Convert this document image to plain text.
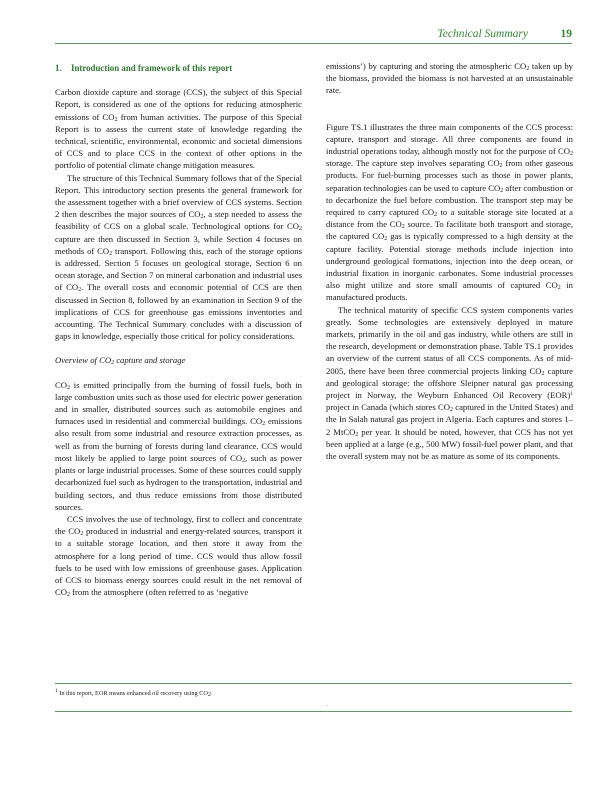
Technical Summary	19

1. Introduction and framework of this report

Carbon dioxide capture and storage (CCS), the subject of this Special Report, is considered as one of the options for reducing atmospheric emissions of $CO_2$ from human activities. The purpose of this Special Report is to assess the current state of knowledge regarding the technical, scientific, environmental, economic and societal dimensions of CCS and to place CCS in the context of other options in the portfolio of potential climate change mitigation measures.

The structure of this Technical Summary follows that of the Special Report. This introductory section presents the general framework for the assessment together with a brief overview of CCS systems. Section 2 then describes the major sources of $CO_2$, a step needed to assess the feasibility of CCS on a global scale. Technological options for $CO_2$ capture are then discussed in Section 3, while Section 4 focuses on methods of $CO_2$ transport. Following this, each of the storage options is addressed. Section 5 focuses on geological storage, Section 6 on ocean storage, and Section 7 on mineral carbonation and industrial uses of $CO_2$. The overall costs and economic potential of CCS are then discussed in Section 8, followed by an examination in Section 9 of the implications of CCS for greenhouse gas emissions inventories and accounting. The Technical Summary concludes with a discussion of gaps in knowledge, especially those critical for policy considerations.

Overview of $CO_2$ capture and storage

$CO_2$ is emitted principally from the burning of fossil fuels, both in large combustion units such as those used for electric power generation and in smaller, distributed sources such as automobile engines and furnaces used in residential and commercial buildings. $CO_2$ emissions also result from some industrial and resource extraction processes, as well as from the burning of forests during land clearance. CCS would most likely be applied to large point sources of $CO_2$, such as power plants or large industrial processes. Some of these sources could supply decarbonized fuel such as hydrogen to the transportation, industrial and building sectors, and thus reduce emissions from those distributed sources.

CCS involves the use of technology, first to collect and concentrate the $CO_2$ produced in industrial and energy-related sources, transport it to a suitable storage location, and then store it away from the atmosphere for a long period of time. CCS would thus allow fossil fuels to be used with low emissions of greenhouse gases. Application of CCS to biomass energy sources could result in the net removal of $CO_2$ from the atmosphere (often referred to as ‘negative

emissions’) by capturing and storing the atmospheric $CO_2$ taken up by the biomass, provided the biomass is not harvested at an unsustainable rate.

Figure TS.1 illustrates the three main components of the CCS process: capture, transport and storage. All three components are found in industrial operations today, although mostly not for the purpose of $CO_2$ storage. The capture step involves separating $CO_2$ from other gaseous products. For fuel-burning processes such as those in power plants, separation technologies can be used to capture $CO_2$ after combustion or to decarbonize the fuel before combustion. The transport step may be required to carry captured $CO_2$ to a suitable storage site located at a distance from the $CO_2$ source. To facilitate both transport and storage, the captured $CO_2$ gas is typically compressed to a high density at the capture facility. Potential storage methods include injection into underground geological formations, injection into the deep ocean, or industrial fixation in inorganic carbonates. Some industrial processes also might utilize and store small amounts of captured $CO_2$ in manufactured products.

The technical maturity of specific CCS system components varies greatly. Some technologies are extensively deployed in mature markets, primarily in the oil and gas industry, while others are still in the research, development or demonstration phase. Table TS.1 provides an overview of the current status of all CCS components. As of mid-2005, there have been three commercial projects linking $CO_2$ capture and geological storage: the offshore Sleipner natural gas processing project in Norway, the Weyburn Enhanced Oil Recovery (EOR)$^1$ project in Canada (which stores $CO_2$ captured in the United States) and the In Salah natural gas project in Algeria. Each captures and stores 1–2 MtCO$_2$ per year. It should be noted, however, that CCS has not yet been applied at a large (e.g., 500 MW) fossil-fuel power plant, and that the overall system may not be as mature as some of its components.

$^1$ In this report, EOR means enhanced oil recovery using $CO_2$
.
